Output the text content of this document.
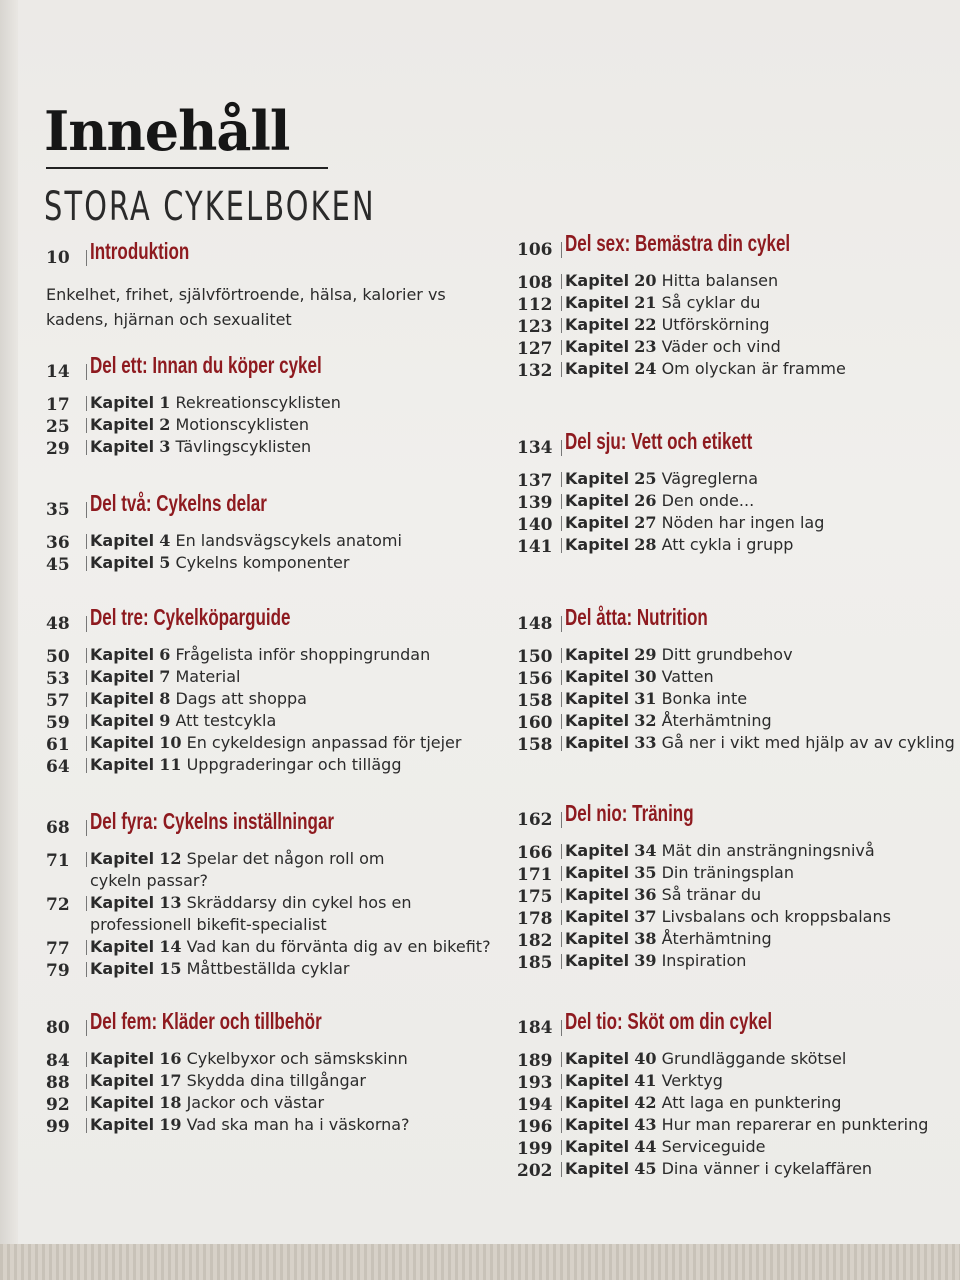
Innehåll
STORA CYKELBOKEN
10 Introduktion
Enkelhet, frihet, självförtroende, hälsa, kalorier vs
kadens, hjärnan och sexualitet
14 Del ett: Innan du köper cykel
17 Kapitel 1 Rekreationscyklisten
25 Kapitel 2 Motionscyklisten
29 Kapitel 3 Tävlingscyklisten
35 Del två: Cykelns delar
36 Kapitel 4 En landsvägscykels anatomi
45 Kapitel 5 Cykelns komponenter
48 Del tre: Cykelköparguide
50 Kapitel 6 Frågelista inför shoppingrundan
53 Kapitel 7 Material
57 Kapitel 8 Dags att shoppa
59 Kapitel 9 Att testcykla
61 Kapitel 10 En cykeldesign anpassad för tjejer
64 Kapitel 11 Uppgraderingar och tillägg
68 Del fyra: Cykelns inställningar
71 Kapitel 12 Spelar det någon roll om
cykeln passar?
72 Kapitel 13 Skräddarsy din cykel hos en
professionell bikefit-specialist
77 Kapitel 14 Vad kan du förvänta dig av en bikefit?
79 Kapitel 15 Måttbeställda cyklar
80 Del fem: Kläder och tillbehör
84 Kapitel 16 Cykelbyxor och sämskskinn
88 Kapitel 17 Skydda dina tillgångar
92 Kapitel 18 Jackor och västar
99 Kapitel 19 Vad ska man ha i väskorna?
106 Del sex: Bemästra din cykel
108 Kapitel 20 Hitta balansen
112 Kapitel 21 Så cyklar du
123 Kapitel 22 Utförskörning
127 Kapitel 23 Väder och vind
132 Kapitel 24 Om olyckan är framme
134 Del sju: Vett och etikett
137 Kapitel 25 Vägreglerna
139 Kapitel 26 Den onde...
140 Kapitel 27 Nöden har ingen lag
141 Kapitel 28 Att cykla i grupp
148 Del åtta: Nutrition
150 Kapitel 29 Ditt grundbehov
156 Kapitel 30 Vatten
158 Kapitel 31 Bonka inte
160 Kapitel 32 Återhämtning
158 Kapitel 33 Gå ner i vikt med hjälp av av cykling
162 Del nio: Träning
166 Kapitel 34 Mät din ansträngningsnivå
171 Kapitel 35 Din träningsplan
175 Kapitel 36 Så tränar du
178 Kapitel 37 Livsbalans och kroppsbalans
182 Kapitel 38 Återhämtning
185 Kapitel 39 Inspiration
184 Del tio: Sköt om din cykel
189 Kapitel 40 Grundläggande skötsel
193 Kapitel 41 Verktyg
194 Kapitel 42 Att laga en punktering
196 Kapitel 43 Hur man reparerar en punktering
199 Kapitel 44 Serviceguide
202 Kapitel 45 Dina vänner i cykelaffären
